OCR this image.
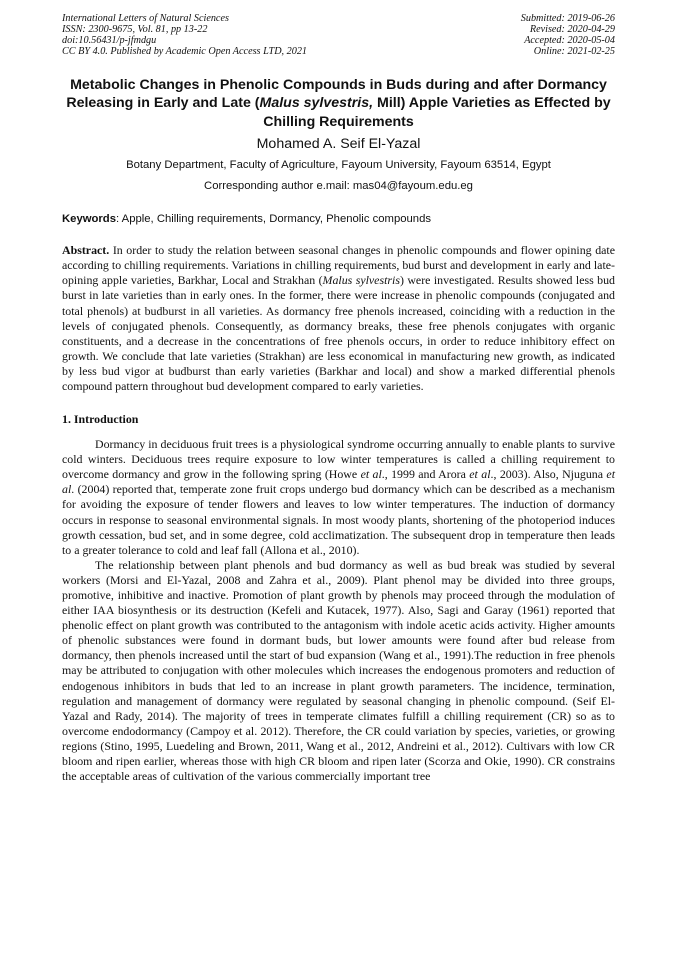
International Letters of Natural Sciences
ISSN: 2300-9675, Vol. 81, pp 13-22
doi:10.56431/p-jfmdgu
CC BY 4.0. Published by Academic Open Access LTD, 2021
Submitted: 2019-06-26
Revised: 2020-04-29
Accepted: 2020-05-04
Online: 2021-02-25
Metabolic Changes in Phenolic Compounds in Buds during and after Dormancy Releasing in Early and Late (Malus sylvestris, Mill) Apple Varieties as Effected by Chilling Requirements
Mohamed A. Seif El-Yazal
Botany Department, Faculty of Agriculture, Fayoum University, Fayoum 63514, Egypt
Corresponding author e.mail: mas04@fayoum.edu.eg
Keywords: Apple, Chilling requirements, Dormancy, Phenolic compounds

Abstract. In order to study the relation between seasonal changes in phenolic compounds and flower opining date according to chilling requirements. Variations in chilling requirements, bud burst and development in early and late- opining apple varieties, Barkhar, Local and Strakhan (Malus sylvestris) were investigated. Results showed less bud burst in late varieties than in early ones. In the former, there were increase in phenolic compounds (conjugated and total phenols) at budburst in all varieties. As dormancy free phenols increased, coinciding with a reduction in the levels of conjugated phenols. Consequently, as dormancy breaks, these free phenols conjugates with organic constituents, and a decrease in the concentrations of free phenols occurs, in order to reduce inhibitory effect on growth. We conclude that late varieties (Strakhan) are less economical in manufacturing new growth, as indicated by less bud vigor at budburst than early varieties (Barkhar and local) and show a marked differential phenols compound pattern throughout bud development compared to early varieties.

1. Introduction

Dormancy in deciduous fruit trees is a physiological syndrome occurring annually to enable plants to survive cold winters. Deciduous trees require exposure to low winter temperatures is called a chilling requirement to overcome dormancy and grow in the following spring (Howe et al., 1999 and Arora et al., 2003). Also, Njuguna et al. (2004) reported that, temperate zone fruit crops undergo bud dormancy which can be described as a mechanism for avoiding the exposure of tender flowers and leaves to low winter temperatures. The induction of dormancy occurs in response to seasonal environmental signals. In most woody plants, shortening of the photoperiod induces growth cessation, bud set, and in some degree, cold acclimatization. The subsequent drop in temperature then leads to a greater tolerance to cold and leaf fall (Allona et al., 2010).

The relationship between plant phenols and bud dormancy as well as bud break was studied by several workers (Morsi and El-Yazal, 2008 and Zahra et al., 2009). Plant phenol may be divided into three groups, promotive, inhibitive and inactive. Promotion of plant growth by phenols may proceed through the modulation of either IAA biosynthesis or its destruction (Kefeli and Kutacek, 1977). Also, Sagi and Garay (1961) reported that phenolic effect on plant growth was contributed to the antagonism with indole acetic acids activity. Higher amounts of phenolic substances were found in dormant buds, but lower amounts were found after bud release from dormancy, then phenols increased until the start of bud expansion (Wang et al., 1991).The reduction in free phenols may be attributed to conjugation with other molecules which increases the endogenous promoters and reduction of endogenous inhibitors in buds that led to an increase in plant growth parameters. The incidence, termination, regulation and management of dormancy were regulated by seasonal changing in phenolic compound. (Seif El-Yazal and Rady, 2014). The majority of trees in temperate climates fulfill a chilling requirement (CR) so as to overcome endodormancy (Campoy et al. 2012). Therefore, the CR could variation by species, varieties, or growing regions (Stino, 1995, Luedeling and Brown, 2011, Wang et al., 2012, Andreini et al., 2012). Cultivars with low CR bloom and ripen earlier, whereas those with high CR bloom and ripen later (Scorza and Okie, 1990). CR constrains the acceptable areas of cultivation of the various commercially important tree
